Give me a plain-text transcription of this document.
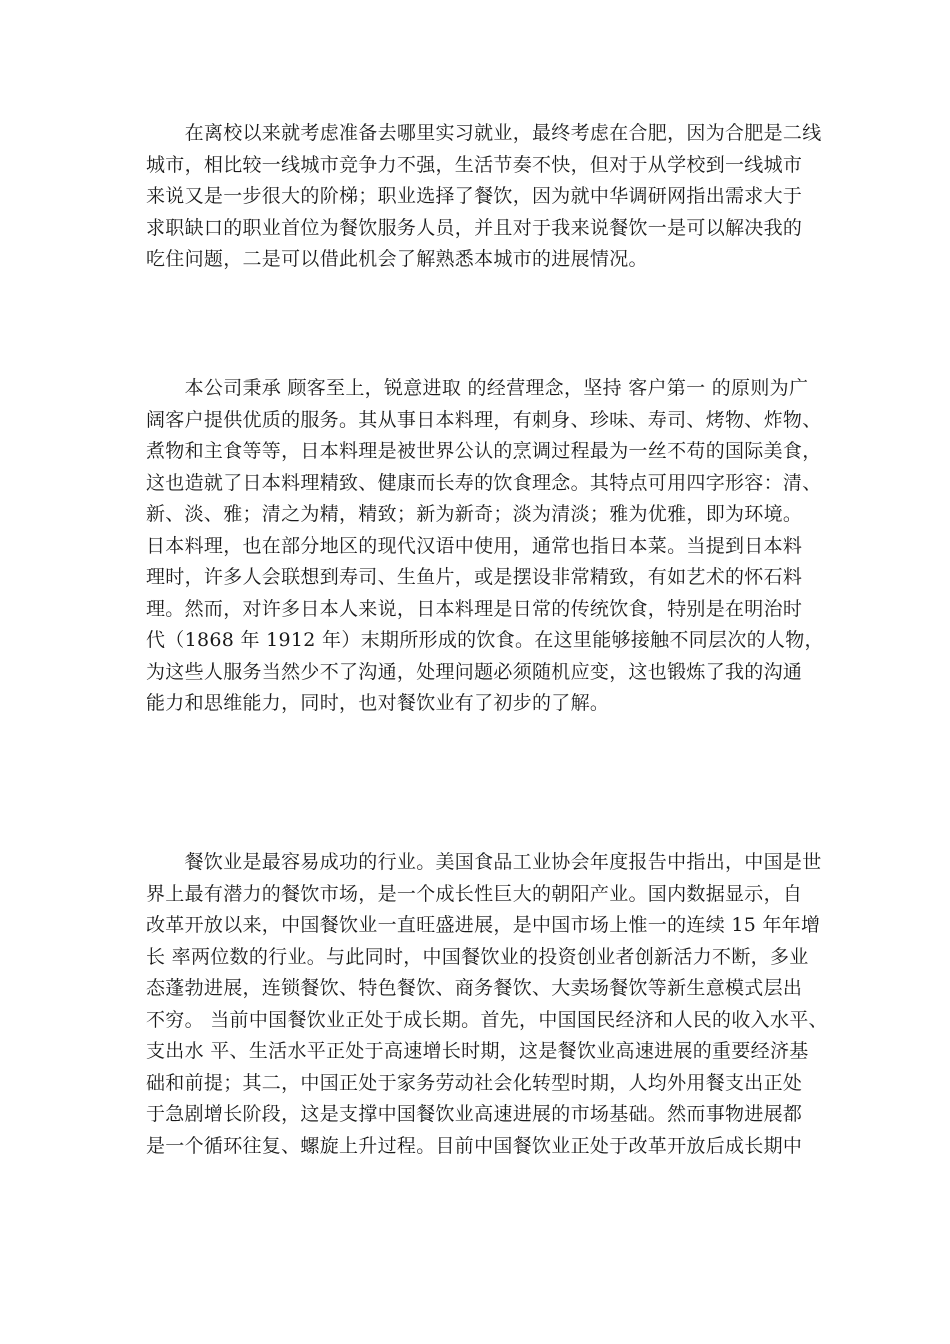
　　在离校以来就考虑准备去哪里实习就业，最终考虑在合肥，因为合肥是二线
城市，相比较一线城市竞争力不强，生活节奏不快，但对于从学校到一线城市
来说又是一步很大的阶梯；职业选择了餐饮，因为就中华调研网指出需求大于
求职缺口的职业首位为餐饮服务人员，并且对于我来说餐饮一是可以解决我的
吃住问题，二是可以借此机会了解熟悉本城市的进展情况。
　　本公司秉承 顾客至上，锐意进取 的经营理念，坚持 客户第一 的原则为广
阔客户提供优质的服务。其从事日本料理，有刺身、珍味、寿司、烤物、炸物、
煮物和主食等等，日本料理是被世界公认的烹调过程最为一丝不苟的国际美食，
这也造就了日本料理精致、健康而长寿的饮食理念。其特点可用四字形容：清、
新、淡、雅；清之为精，精致；新为新奇；淡为清淡；雅为优雅，即为环境。
日本料理，也在部分地区的现代汉语中使用，通常也指日本菜。当提到日本料
理时，许多人会联想到寿司、生鱼片，或是摆设非常精致，有如艺术的怀石料
理。然而，对许多日本人来说，日本料理是日常的传统饮食，特别是在明治时
代（1868 年 1912 年）末期所形成的饮食。在这里能够接触不同层次的人物，
为这些人服务当然少不了沟通，处理问题必须随机应变，这也锻炼了我的沟通
能力和思维能力，同时，也对餐饮业有了初步的了解。
　　餐饮业是最容易成功的行业。美国食品工业协会年度报告中指出，中国是世
界上最有潜力的餐饮市场，是一个成长性巨大的朝阳产业。国内数据显示，自
改革开放以来，中国餐饮业一直旺盛进展，是中国市场上惟一的连续 15 年年增
长 率两位数的行业。与此同时，中国餐饮业的投资创业者创新活力不断，多业
态蓬勃进展，连锁餐饮、特色餐饮、商务餐饮、大卖场餐饮等新生意模式层出
不穷。 当前中国餐饮业正处于成长期。首先，中国国民经济和人民的收入水平、
支出水 平、生活水平正处于高速增长时期，这是餐饮业高速进展的重要经济基
础和前提；其二，中国正处于家务劳动社会化转型时期，人均外用餐支出正处
于急剧增长阶段，这是支撑中国餐饮业高速进展的市场基础。然而事物进展都
是一个循环往复、螺旋上升过程。目前中国餐饮业正处于改革开放后成长期中
